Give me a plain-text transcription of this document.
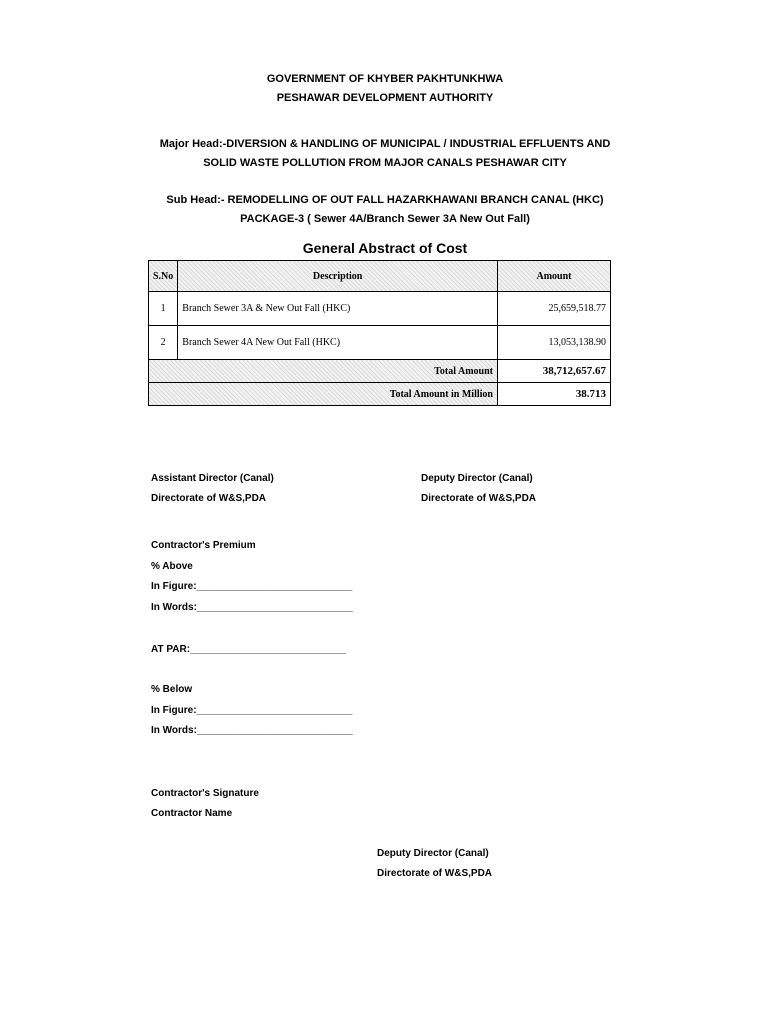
GOVERNMENT OF KHYBER PAKHTUNKHWA
PESHAWAR DEVELOPMENT AUTHORITY
Major Head:-DIVERSION & HANDLING OF MUNICIPAL / INDUSTRIAL EFFLUENTS AND
SOLID WASTE POLLUTION FROM MAJOR CANALS PESHAWAR CITY
Sub Head:- REMODELLING OF OUT FALL HAZARKHAWANI BRANCH CANAL (HKC)
PACKAGE-3 ( Sewer 4A/Branch Sewer 3A New Out Fall)
General Abstract of Cost
S.No	Description	Amount
1	Branch Sewer 3A & New Out Fall (HKC)	25,659,518.77
2	Branch Sewer 4A New Out Fall (HKC)	13,053,138.90
Total Amount		38,712,657.67
Total Amount in Million		38.713
Assistant Director (Canal)
Directorate of W&S,PDA
Deputy Director (Canal)
Directorate of W&S,PDA
Contractor's Premium
% Above
In Figure:____________________________
In Words:____________________________
AT PAR:____________________________
% Below
In Figure:____________________________
In Words:____________________________
Contractor's Signature
Contractor Name
Deputy Director (Canal)
Directorate of W&S,PDA
